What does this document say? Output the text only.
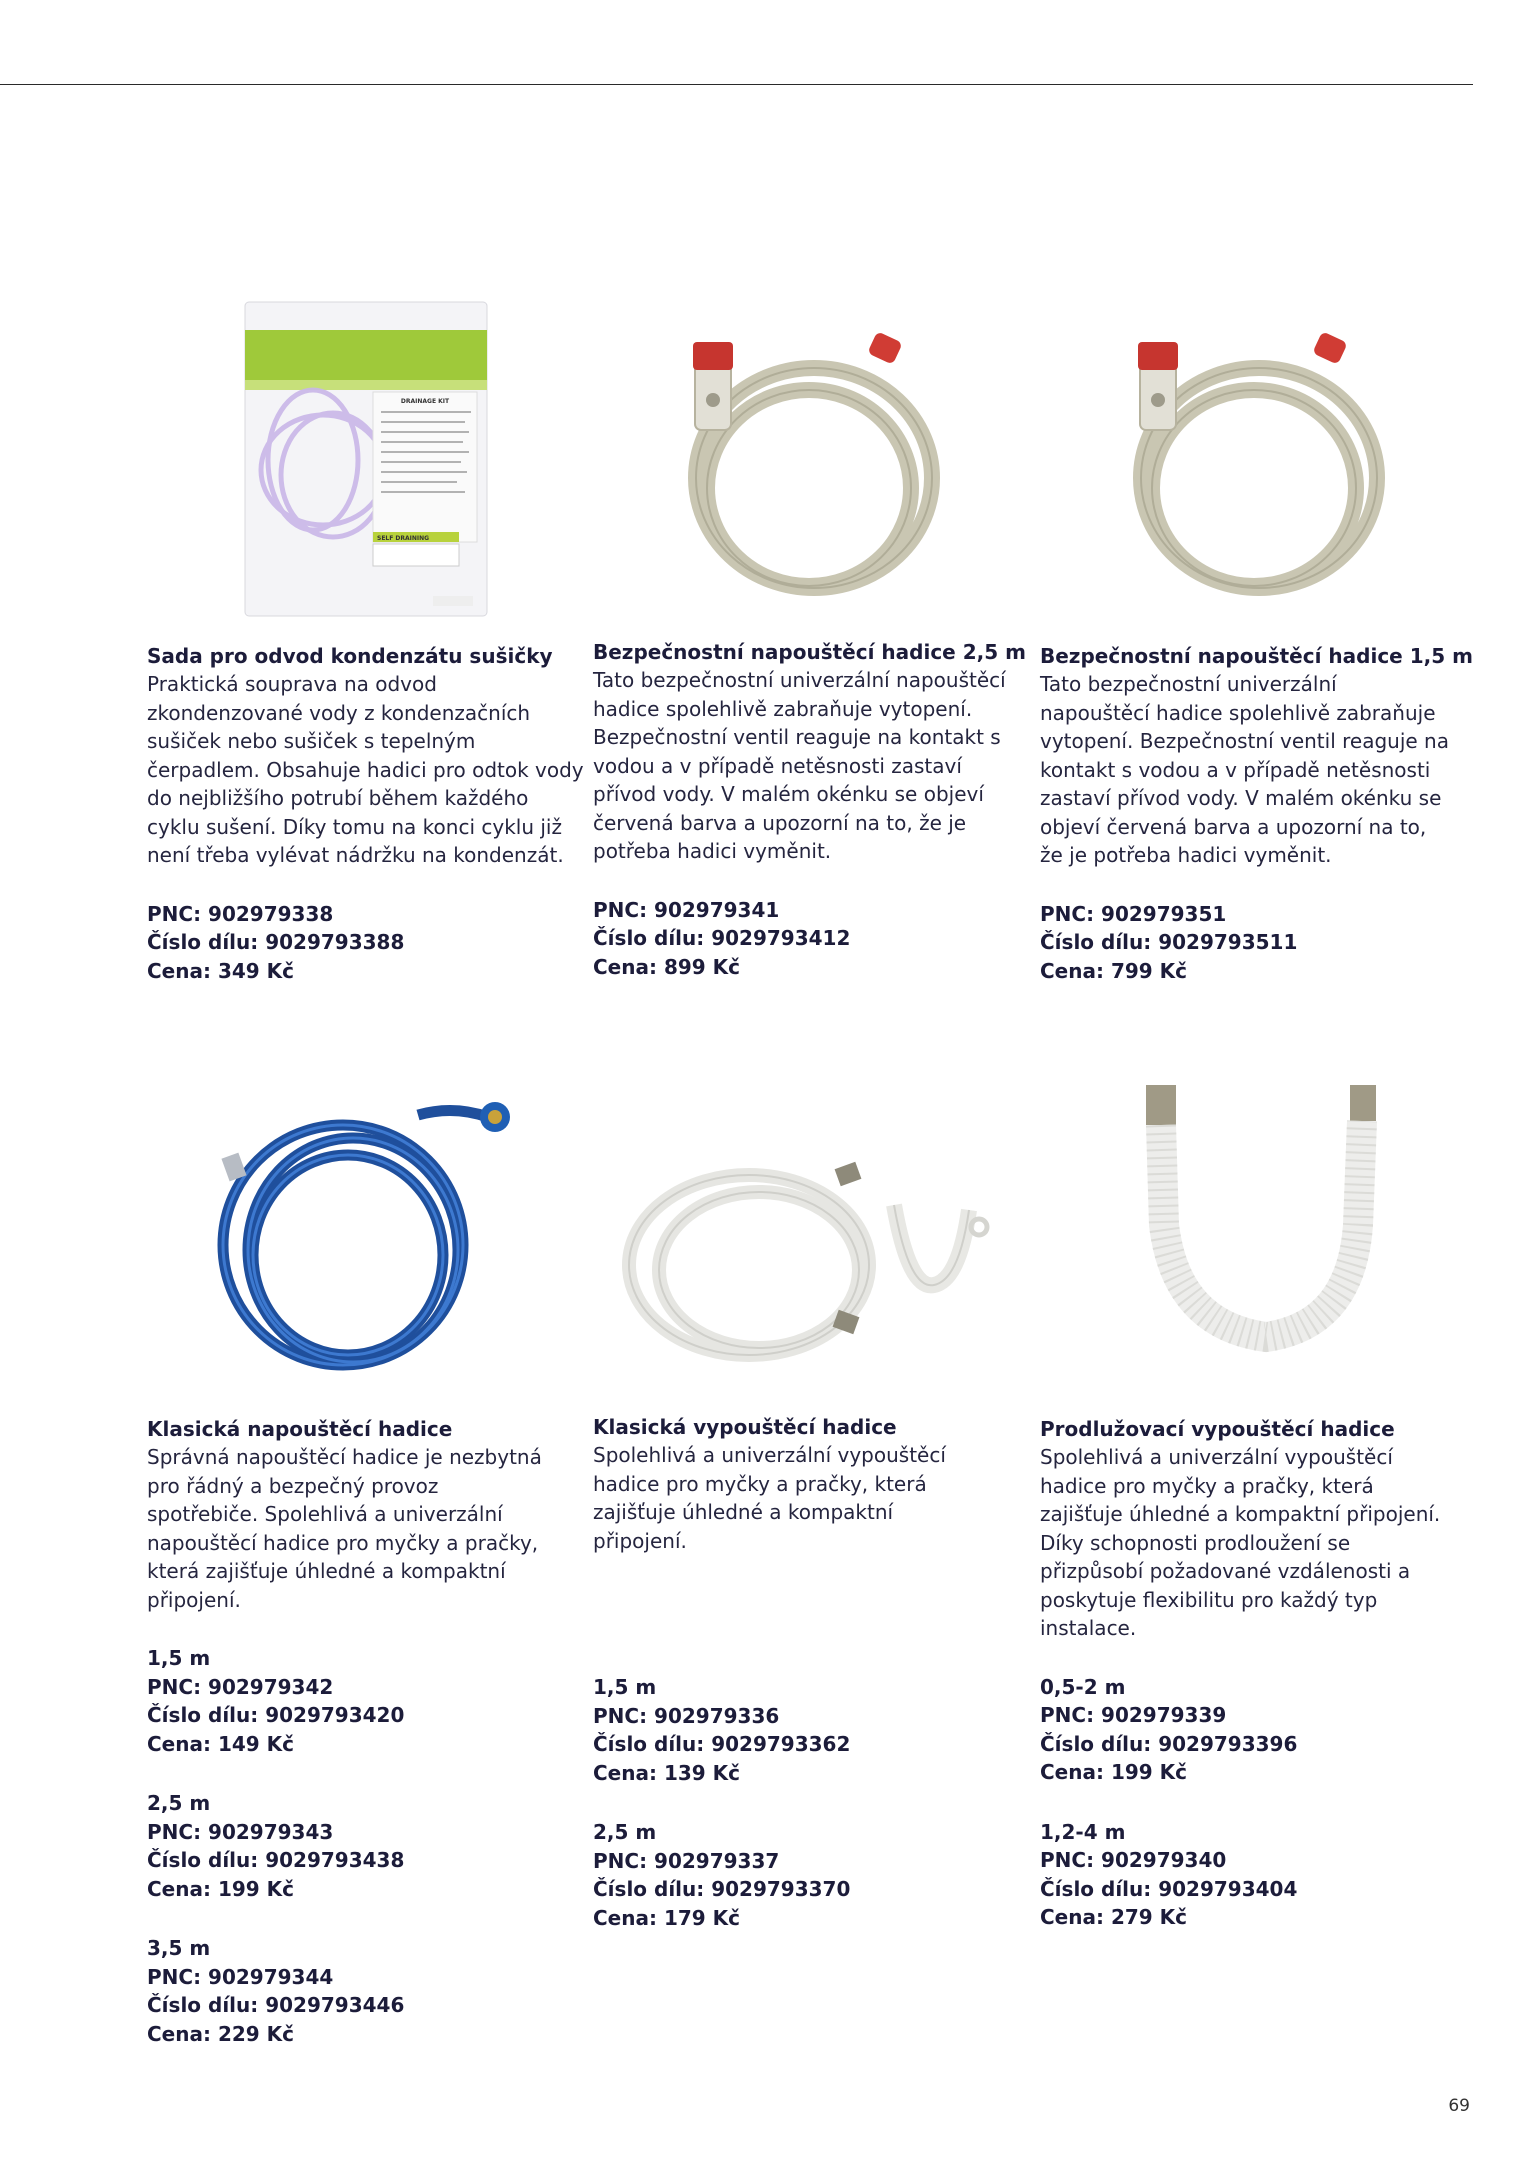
DRAINAGE KIT
SELF DRAINING
Sada pro odvod kondenzátu sušičky
Praktická souprava na odvod zkondenzované vody z kondenzačních sušiček nebo sušiček s tepelným čerpadlem. Obsahuje hadici pro odtok vody do nejbližšího potrubí během každého cyklu sušení. Díky tomu na konci cyklu již není třeba vylévat nádržku na kondenzát.
PNC: 902979338
Číslo dílu: 9029793388
Cena: 349 Kč
Bezpečnostní napouštěcí hadice 2,5 m
Tato bezpečnostní univerzální napouštěcí hadice spolehlivě zabraňuje vytopení. Bezpečnostní ventil reaguje na kontakt s vodou a v případě netěsnosti zastaví přívod vody. V malém okénku se objeví červená barva a upozorní na to, že je potřeba hadici vyměnit.
PNC: 902979341
Číslo dílu: 9029793412
Cena: 899 Kč
Bezpečnostní napouštěcí hadice 1,5 m
Tato bezpečnostní univerzální napouštěcí hadice spolehlivě zabraňuje vytopení. Bezpečnostní ventil reaguje na kontakt s vodou a v případě netěsnosti zastaví přívod vody. V malém okénku se objeví červená barva a upozorní na to, že je potřeba hadici vyměnit.
PNC: 902979351
Číslo dílu: 9029793511
Cena: 799 Kč
Klasická napouštěcí hadice
Správná napouštěcí hadice je nezbytná pro řádný a bezpečný provoz spotřebiče. Spolehlivá a univerzální napouštěcí hadice pro myčky a pračky, která zajišťuje úhledné a kompaktní připojení.
1,5 m
PNC: 902979342
Číslo dílu: 9029793420
Cena: 149 Kč
2,5 m
PNC: 902979343
Číslo dílu: 9029793438
Cena: 199 Kč
3,5 m
PNC: 902979344
Číslo dílu: 9029793446
Cena: 229 Kč
Klasická vypouštěcí hadice
Spolehlivá a univerzální vypouštěcí hadice pro myčky a pračky, která zajišťuje úhledné a kompaktní připojení.
1,5 m
PNC: 902979336
Číslo dílu: 9029793362
Cena: 139 Kč
2,5 m
PNC: 902979337
Číslo dílu: 9029793370
Cena: 179 Kč
Prodlužovací vypouštěcí hadice
Spolehlivá a univerzální vypouštěcí hadice pro myčky a pračky, která zajišťuje úhledné a kompaktní připojení. Díky schopnosti prodloužení se přizpůsobí požadované vzdálenosti a poskytuje flexibilitu pro každý typ instalace.
0,5-2 m
PNC: 902979339
Číslo dílu: 9029793396
Cena: 199 Kč
1,2-4 m
PNC: 902979340
Číslo dílu: 9029793404
Cena: 279 Kč
69
